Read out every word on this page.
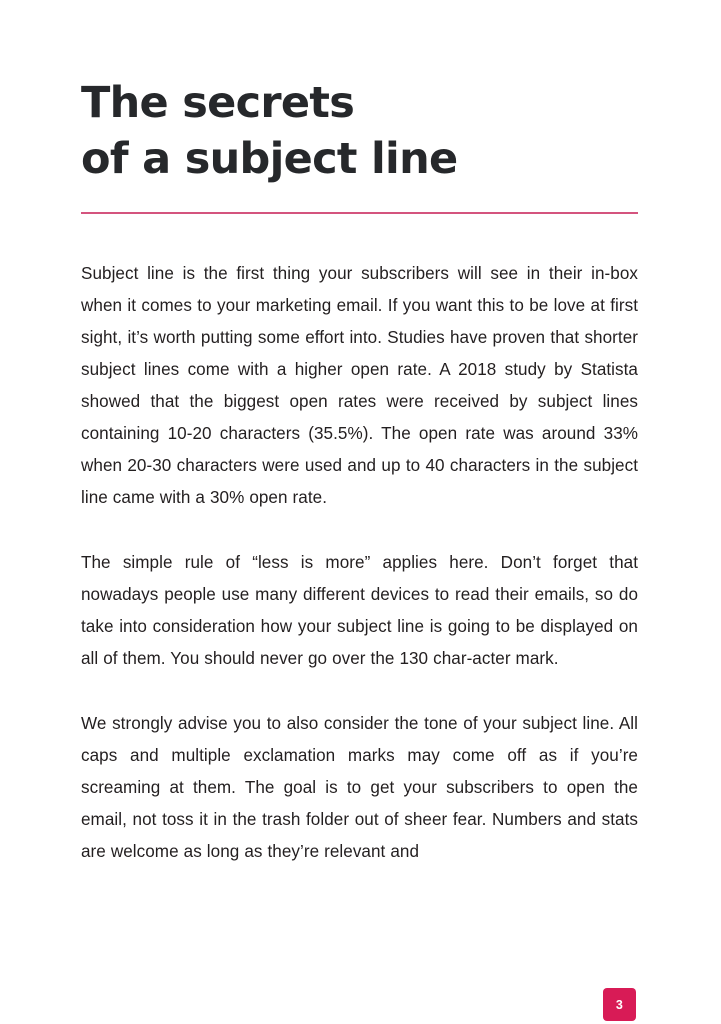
The secrets
of a subject line

Subject line is the first thing your subscribers will see in their in-box when it comes to your marketing email. If you want this to be love at first sight, it’s worth putting some effort into. Studies have proven that shorter subject lines come with a higher open rate. A 2018 study by Statista showed that the biggest open rates were received by subject lines containing 10-20 characters (35.5%). The open rate was around 33% when 20-30 characters were used and up to 40 characters in the subject line came with a 30% open rate.

The simple rule of “less is more” applies here. Don’t forget that nowadays people use many different devices to read their emails, so do take into consideration how your subject line is going to be displayed on all of them. You should never go over the 130 char-acter mark.

We strongly advise you to also consider the tone of your subject line. All caps and multiple exclamation marks may come off as if you’re screaming at them. The goal is to get your subscribers to open the email, not toss it in the trash folder out of sheer fear. Numbers and stats are welcome as long as they’re relevant and

3
